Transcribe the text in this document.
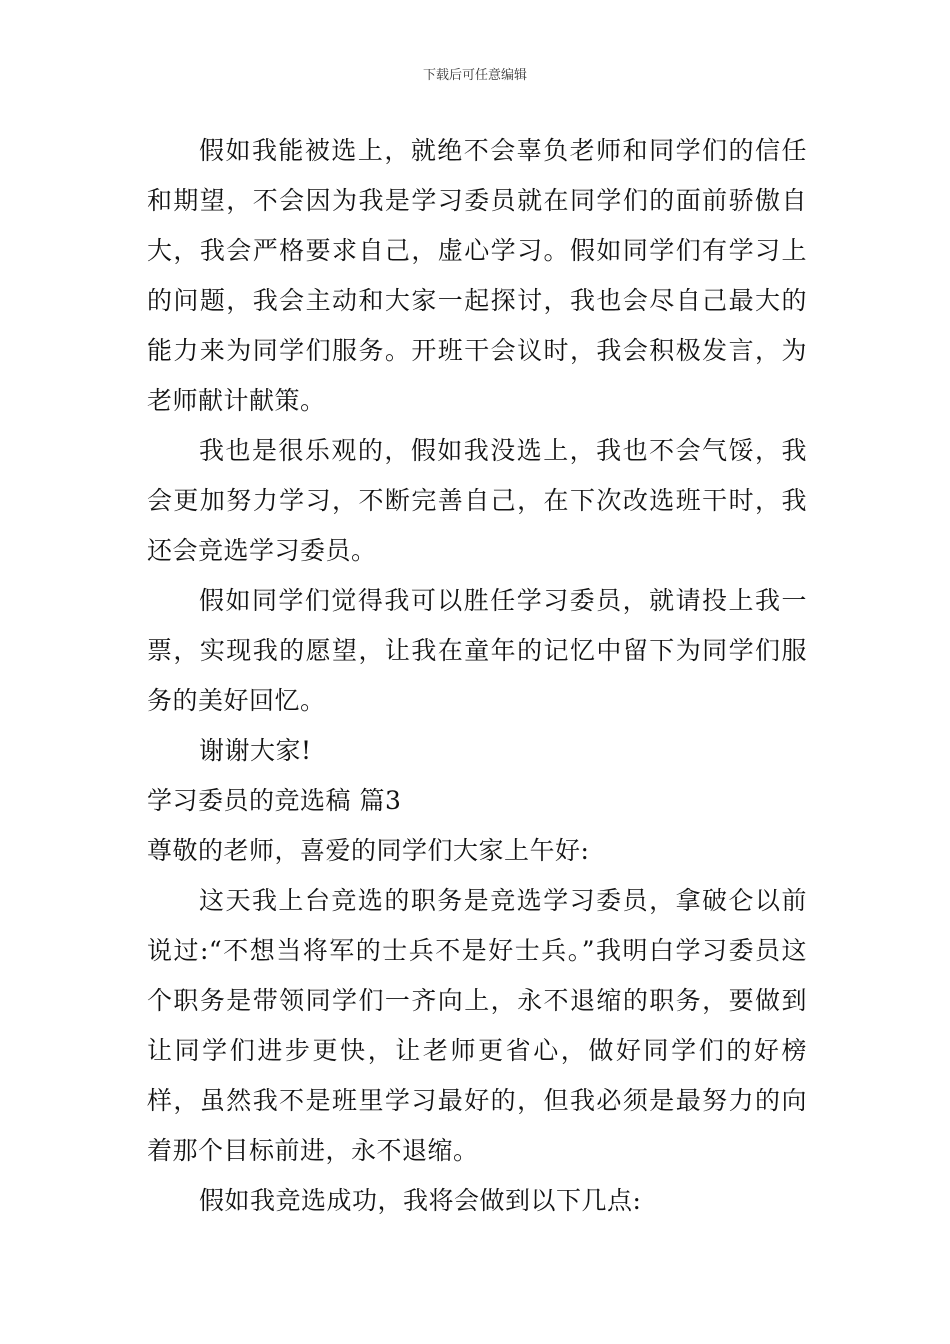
下载后可任意编辑

假如我能被选上，就绝不会辜负老师和同学们的信任和期望，不会因为我是学习委员就在同学们的面前骄傲自大，我会严格要求自己，虚心学习。假如同学们有学习上的问题，我会主动和大家一起探讨，我也会尽自己最大的能力来为同学们服务。开班干会议时，我会积极发言，为老师献计献策。

我也是很乐观的，假如我没选上，我也不会气馁，我会更加努力学习，不断完善自己，在下次改选班干时，我还会竞选学习委员。

假如同学们觉得我可以胜任学习委员，就请投上我一票，实现我的愿望，让我在童年的记忆中留下为同学们服务的美好回忆。

谢谢大家!

学习委员的竞选稿 篇3

尊敬的老师，喜爱的同学们大家上午好:

这天我上台竞选的职务是竞选学习委员，拿破仑以前说过:“不想当将军的士兵不是好士兵。”我明白学习委员这个职务是带领同学们一齐向上，永不退缩的职务，要做到让同学们进步更快，让老师更省心，做好同学们的好榜样，虽然我不是班里学习最好的，但我必须是最努力的向着那个目标前进，永不退缩。

假如我竞选成功，我将会做到以下几点:
